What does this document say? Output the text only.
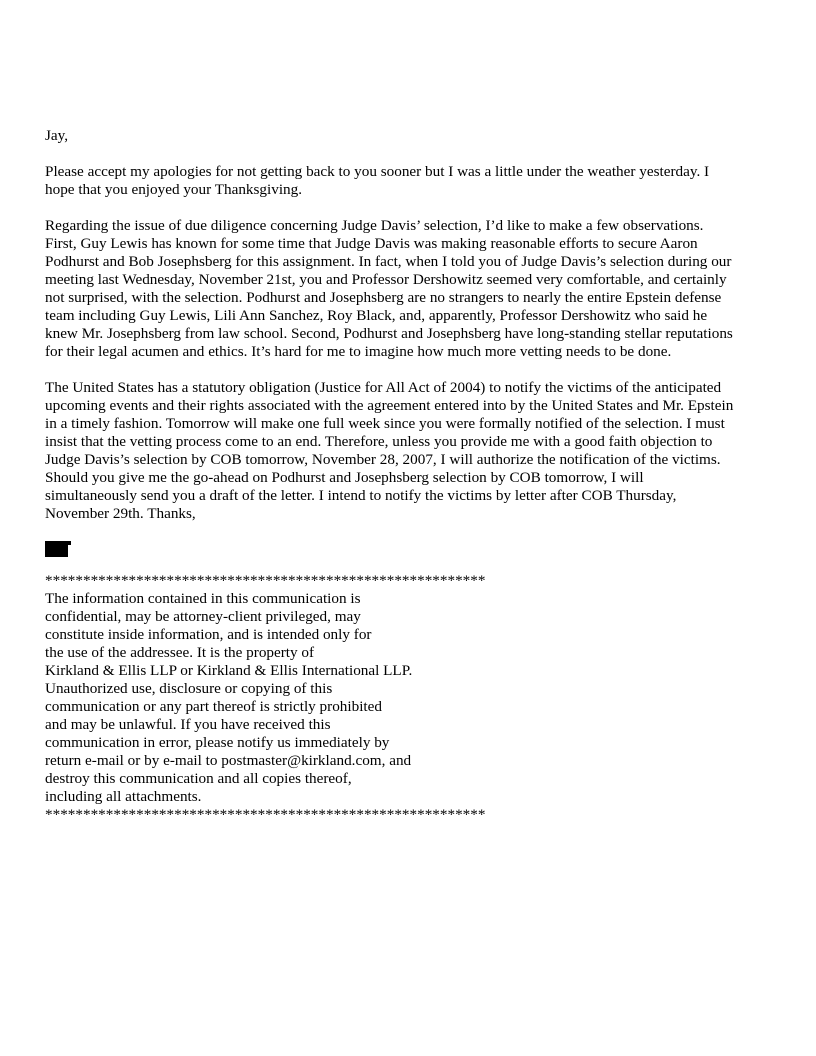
Jay,

Please accept my apologies for not getting back to you sooner but I was a little under the weather yesterday. I
hope that you enjoyed your Thanksgiving.

Regarding the issue of due diligence concerning Judge Davis’ selection, I’d like to make a few observations.
First, Guy Lewis has known for some time that Judge Davis was making reasonable efforts to secure Aaron
Podhurst and Bob Josephsberg for this assignment. In fact, when I told you of Judge Davis’s selection during our
meeting last Wednesday, November 21st, you and Professor Dershowitz seemed very comfortable, and certainly
not surprised, with the selection. Podhurst and Josephsberg are no strangers to nearly the entire Epstein defense
team including Guy Lewis, Lili Ann Sanchez, Roy Black, and, apparently, Professor Dershowitz who said he
knew Mr. Josephsberg from law school. Second, Podhurst and Josephsberg have long-standing stellar reputations
for their legal acumen and ethics. It’s hard for me to imagine how much more vetting needs to be done.

The United States has a statutory obligation (Justice for All Act of 2004) to notify the victims of the anticipated
upcoming events and their rights associated with the agreement entered into by the United States and Mr. Epstein
in a timely fashion. Tomorrow will make one full week since you were formally notified of the selection. I must
insist that the vetting process come to an end. Therefore, unless you provide me with a good faith objection to
Judge Davis’s selection by COB tomorrow, November 28, 2007, I will authorize the notification of the victims.
Should you give me the go-ahead on Podhurst and Josephsberg selection by COB tomorrow, I will
simultaneously send you a draft of the letter. I intend to notify the victims by letter after COB Thursday,
November 29th. Thanks,

**********************************************************

The information contained in this communication is
confidential, may be attorney-client privileged, may
constitute inside information, and is intended only for
the use of the addressee. It is the property of
Kirkland & Ellis LLP or Kirkland & Ellis International LLP.
Unauthorized use, disclosure or copying of this
communication or any part thereof is strictly prohibited
and may be unlawful. If you have received this
communication in error, please notify us immediately by
return e-mail or by e-mail to postmaster@kirkland.com, and
destroy this communication and all copies thereof,
including all attachments.

**********************************************************
